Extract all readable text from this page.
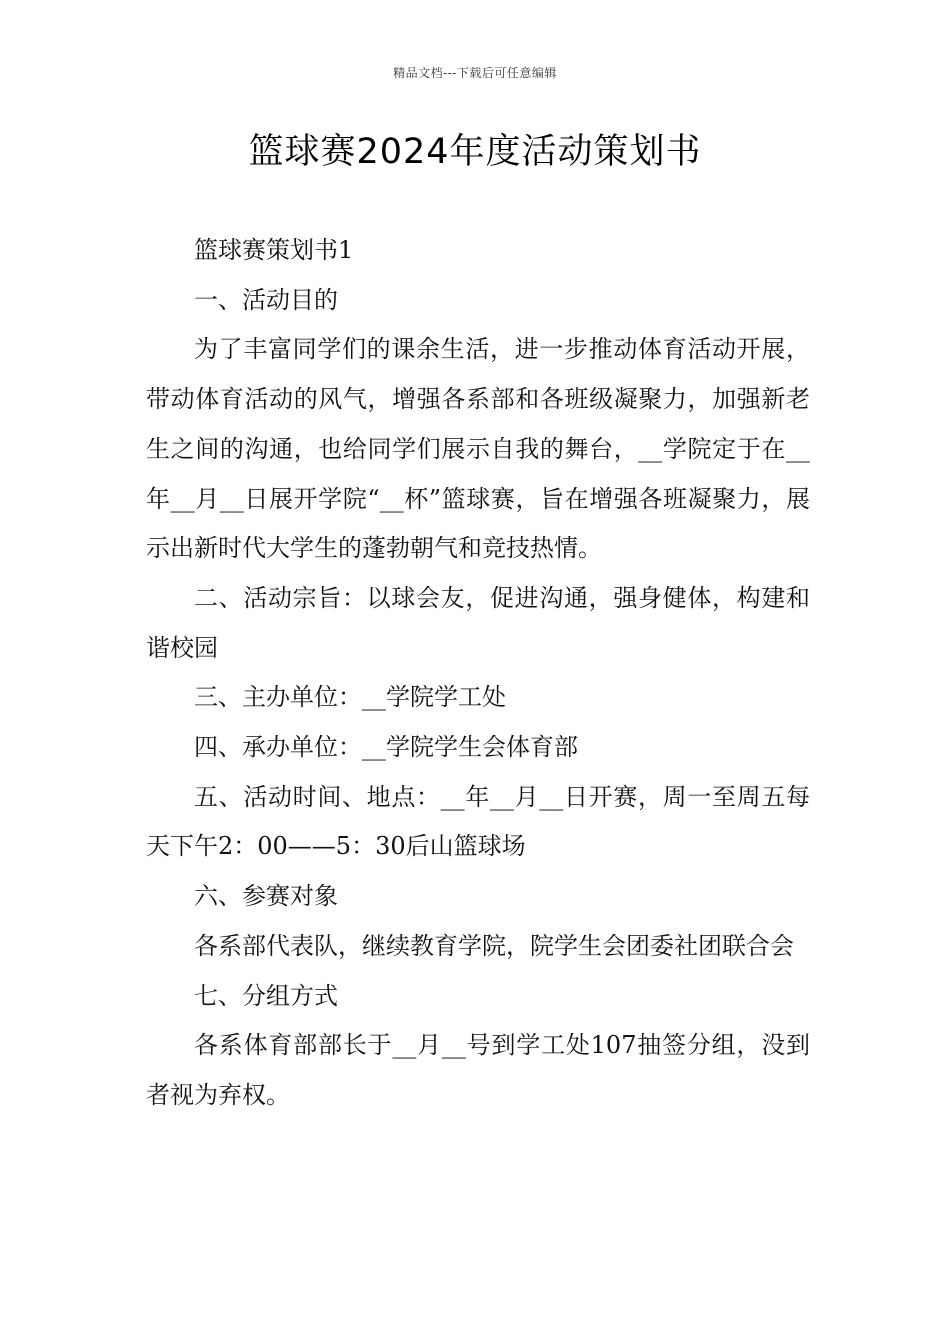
精品文档---下载后可任意编辑
篮球赛2024年度活动策划书

篮球赛策划书1

一、活动目的

为了丰富同学们的课余生活，进一步推动体育活动开展，带动体育活动的风气，增强各系部和各班级凝聚力，加强新老生之间的沟通，也给同学们展示自我的舞台，__学院定于在__年__月__日展开学院“__杯”篮球赛，旨在增强各班凝聚力，展示出新时代大学生的蓬勃朝气和竞技热情。

二、活动宗旨：以球会友，促进沟通，强身健体，构建和谐校园

三、主办单位：__学院学工处

四、承办单位：__学院学生会体育部

五、活动时间、地点：__年__月__日开赛，周一至周五每天下午2：00——5：30后山篮球场

六、参赛对象

各系部代表队，继续教育学院，院学生会团委社团联合会

七、分组方式

各系体育部部长于__月__号到学工处107抽签分组，没到者视为弃权。
